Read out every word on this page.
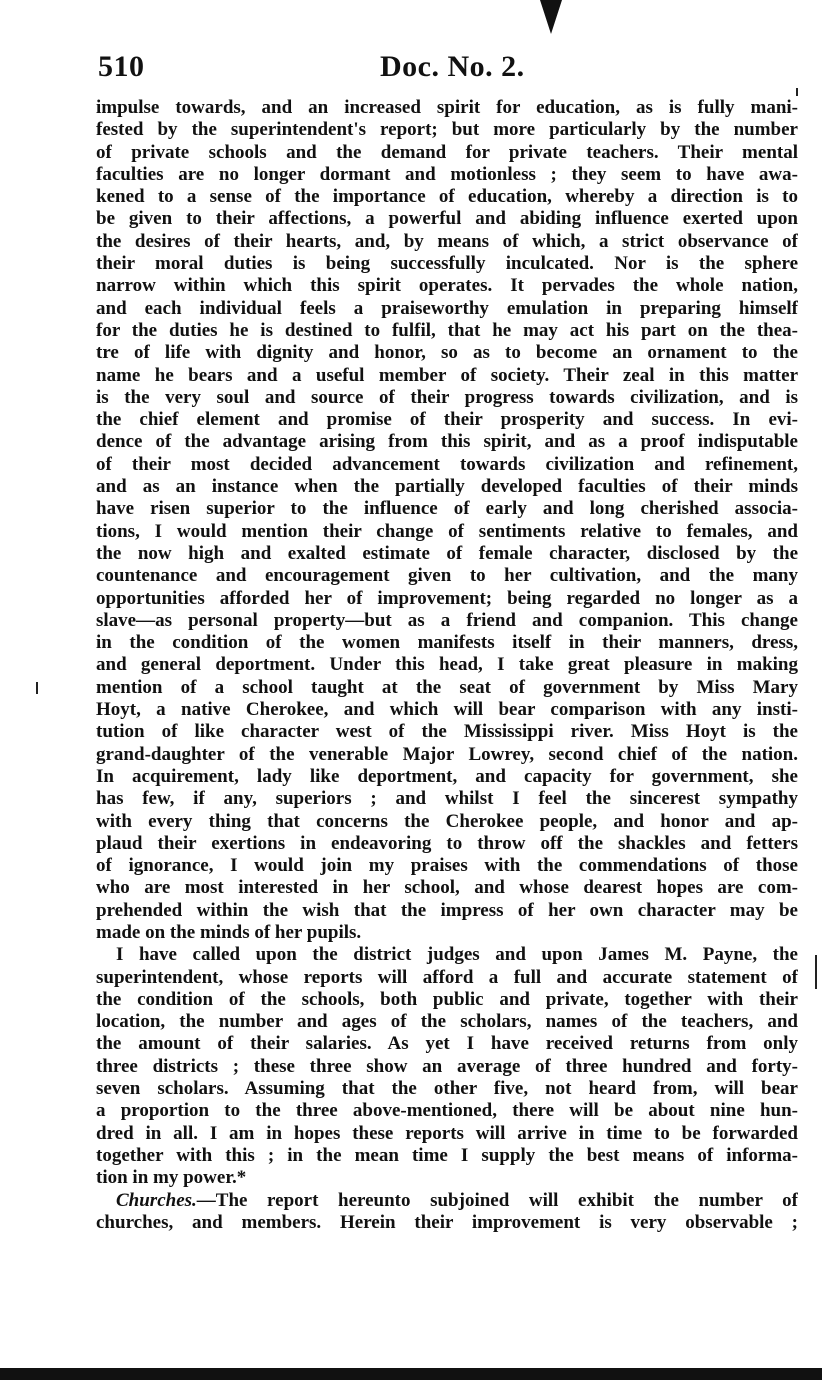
510	Doc. No. 2.
impulse towards, and an increased spirit for education, as is fully mani-
fested by the superintendent's report; but more particularly by the number
of private schools and the demand for private teachers. Their mental
faculties are no longer dormant and motionless ; they seem to have awa-
kened to a sense of the importance of education, whereby a direction is to
be given to their affections, a powerful and abiding influence exerted upon
the desires of their hearts, and, by means of which, a strict observance of
their moral duties is being successfully inculcated. Nor is the sphere
narrow within which this spirit operates. It pervades the whole nation,
and each individual feels a praiseworthy emulation in preparing himself
for the duties he is destined to fulfil, that he may act his part on the thea-
tre of life with dignity and honor, so as to become an ornament to the
name he bears and a useful member of society. Their zeal in this matter
is the very soul and source of their progress towards civilization, and is
the chief element and promise of their prosperity and success. In evi-
dence of the advantage arising from this spirit, and as a proof indisputable
of their most decided advancement towards civilization and refinement,
and as an instance when the partially developed faculties of their minds
have risen superior to the influence of early and long cherished associa-
tions, I would mention their change of sentiments relative to females, and
the now high and exalted estimate of female character, disclosed by the
countenance and encouragement given to her cultivation, and the many
opportunities afforded her of improvement; being regarded no longer as a
slave—as personal property—but as a friend and companion. This change
in the condition of the women manifests itself in their manners, dress,
and general deportment. Under this head, I take great pleasure in making
mention of a school taught at the seat of government by Miss Mary
Hoyt, a native Cherokee, and which will bear comparison with any insti-
tution of like character west of the Mississippi river. Miss Hoyt is the
grand-daughter of the venerable Major Lowrey, second chief of the nation.
In acquirement, lady like deportment, and capacity for government, she
has few, if any, superiors ; and whilst I feel the sincerest sympathy
with every thing that concerns the Cherokee people, and honor and ap-
plaud their exertions in endeavoring to throw off the shackles and fetters
of ignorance, I would join my praises with the commendations of those
who are most interested in her school, and whose dearest hopes are com-
prehended within the wish that the impress of her own character may be
made on the minds of her pupils.
I have called upon the district judges and upon James M. Payne, the
superintendent, whose reports will afford a full and accurate statement of
the condition of the schools, both public and private, together with their
location, the number and ages of the scholars, names of the teachers, and
the amount of their salaries. As yet I have received returns from only
three districts ; these three show an average of three hundred and forty-
seven scholars. Assuming that the other five, not heard from, will bear
a proportion to the three above-mentioned, there will be about nine hun-
dred in all. I am in hopes these reports will arrive in time to be forwarded
together with this ; in the mean time I supply the best means of informa-
tion in my power.*
Churches.—The report hereunto subjoined will exhibit the number of
churches, and members. Herein their improvement is very observable ;
